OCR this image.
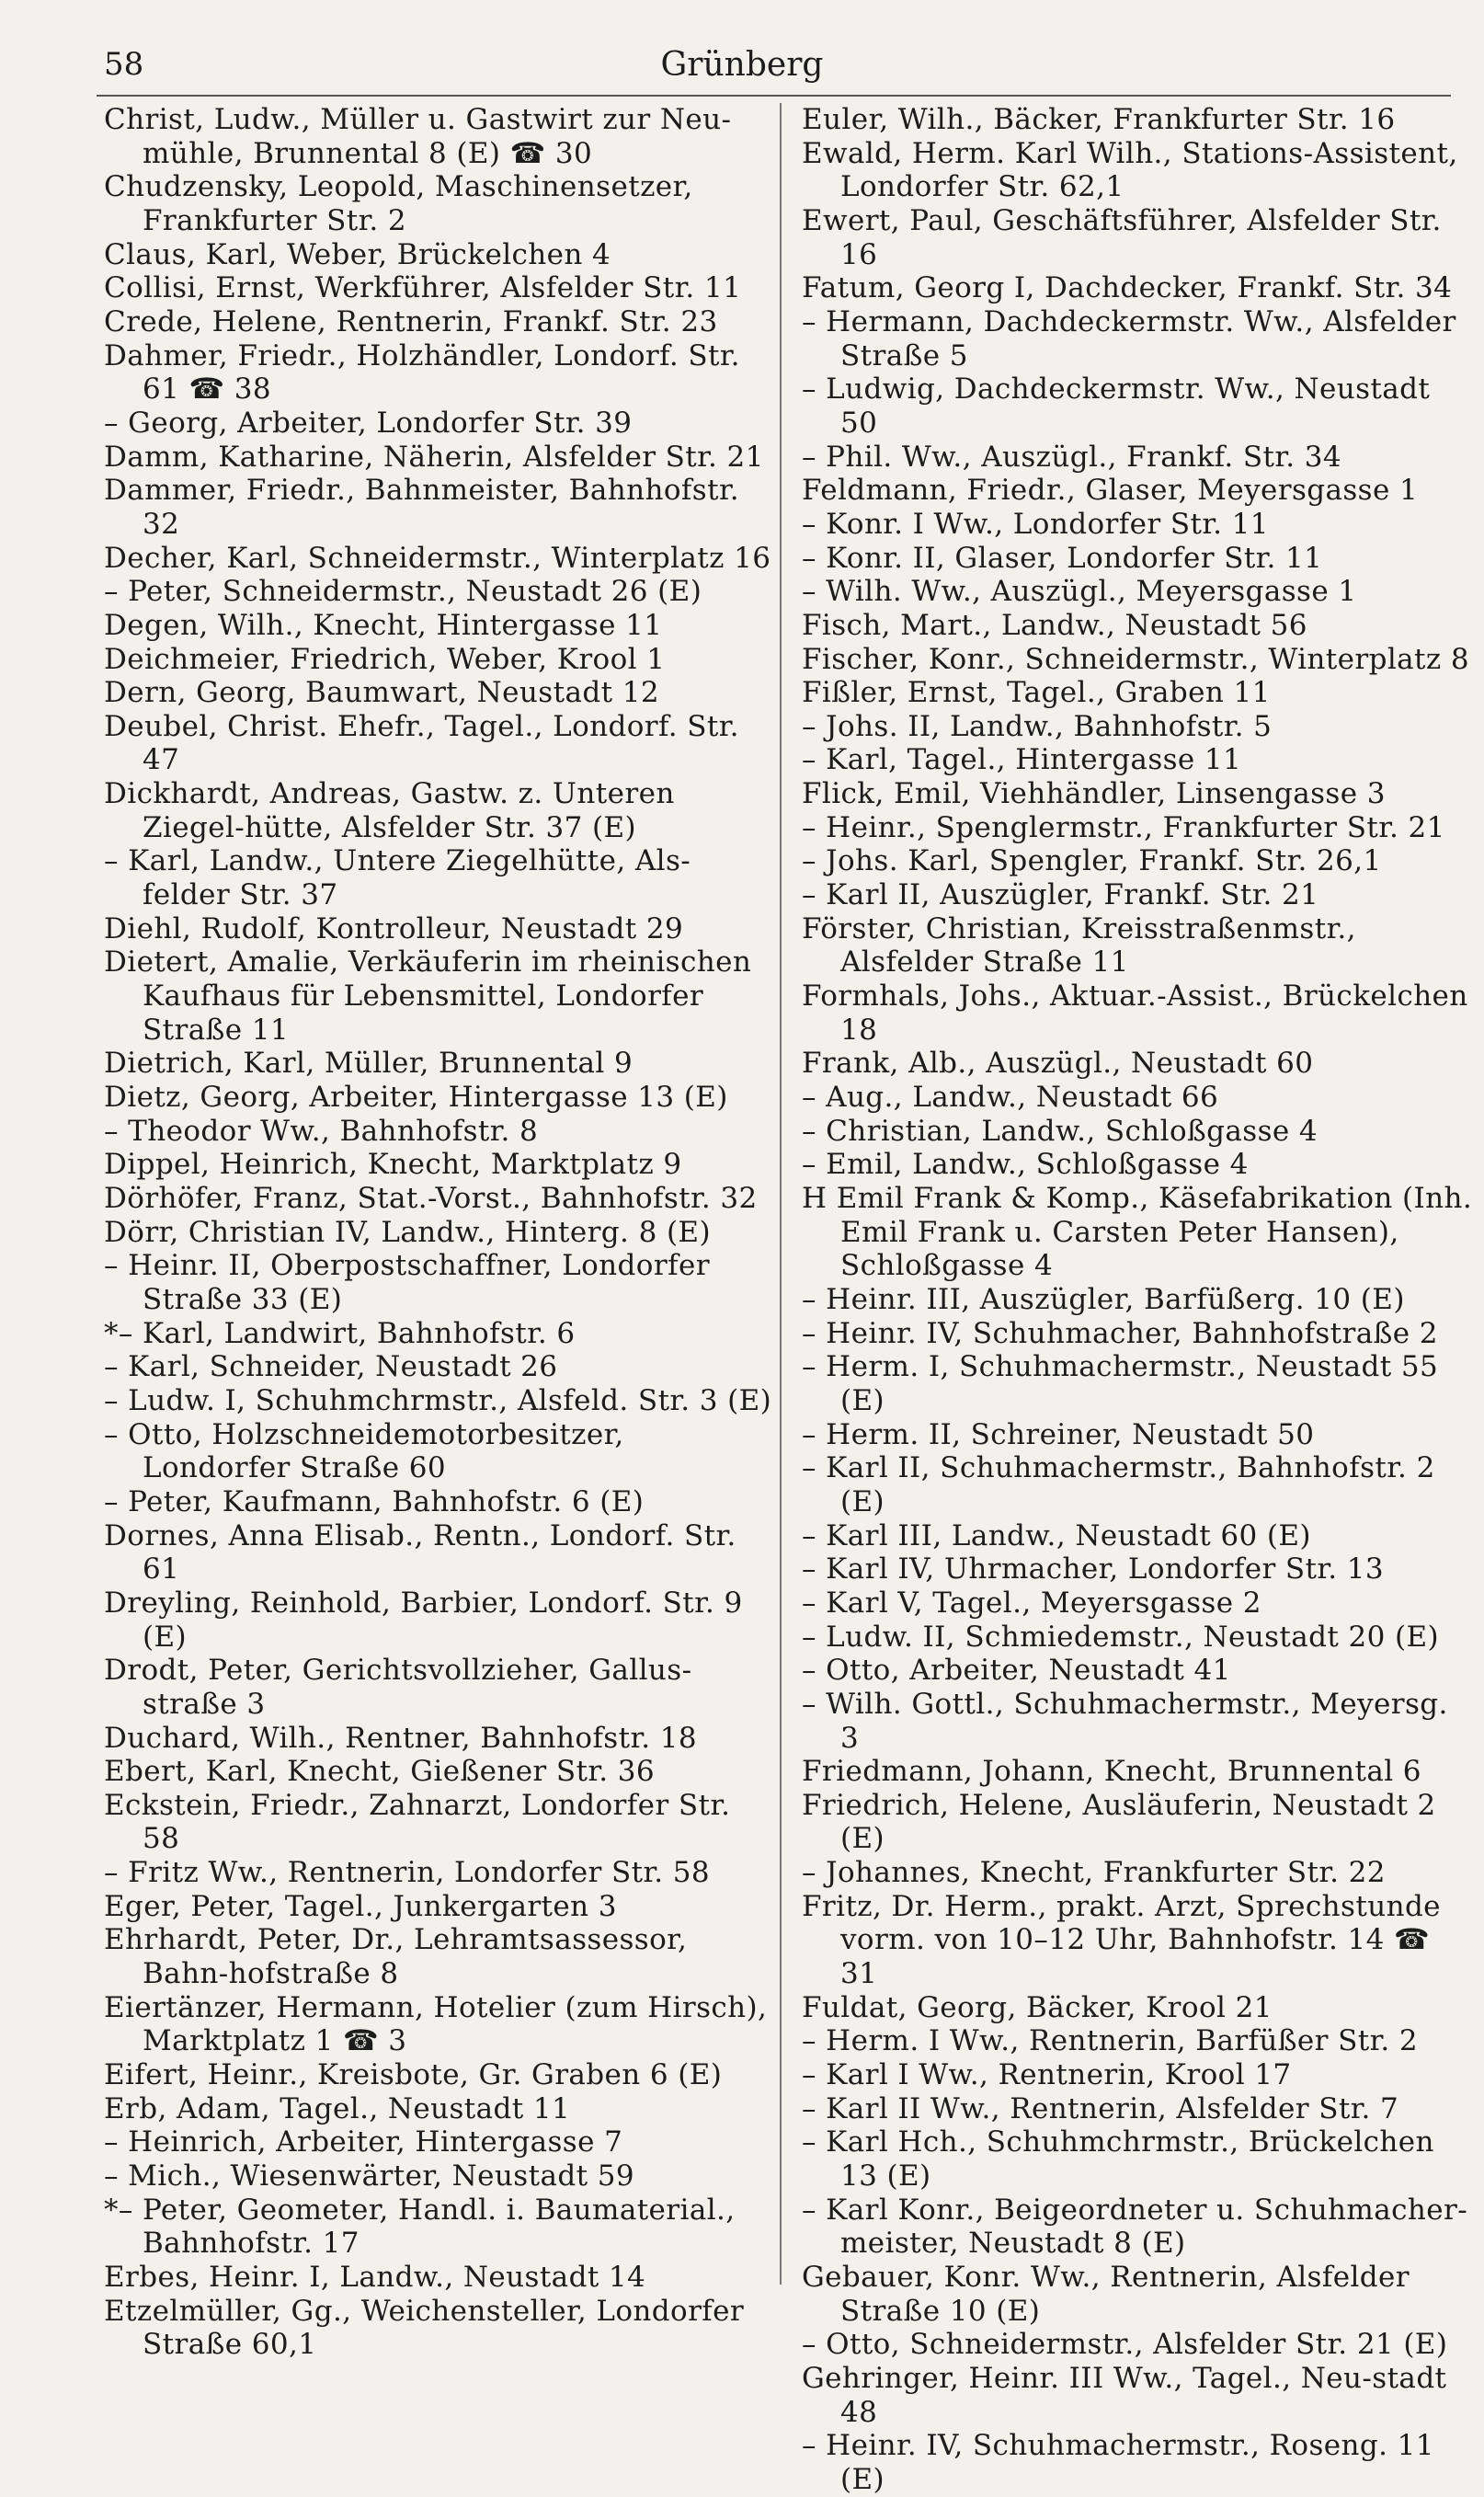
58	Grünberg

Christ, Ludw., Müller u. Gastwirt zur Neu-mühle, Brunnental 8 (E) ☎ 30

Chudzensky, Leopold, Maschinensetzer, Frankfurter Str. 2

Claus, Karl, Weber, Brückelchen 4

Collisi, Ernst, Werkführer, Alsfelder Str. 11

Crede, Helene, Rentnerin, Frankf. Str. 23

Dahmer, Friedr., Holzhändler, Londorf. Str. 61 ☎ 38

– Georg, Arbeiter, Londorfer Str. 39

Damm, Katharine, Näherin, Alsfelder Str. 21

Dammer, Friedr., Bahnmeister, Bahnhofstr. 32

Decher, Karl, Schneidermstr., Winterplatz 16

– Peter, Schneidermstr., Neustadt 26 (E)

Degen, Wilh., Knecht, Hintergasse 11

Deichmeier, Friedrich, Weber, Krool 1

Dern, Georg, Baumwart, Neustadt 12

Deubel, Christ. Ehefr., Tagel., Londorf. Str. 47

Dickhardt, Andreas, Gastw. z. Unteren Ziegel-hütte, Alsfelder Str. 37 (E)

– Karl, Landw., Untere Ziegelhütte, Als-felder Str. 37

Diehl, Rudolf, Kontrolleur, Neustadt 29

Dietert, Amalie, Verkäuferin im rheinischen Kaufhaus für Lebensmittel, Londorfer Straße 11

Dietrich, Karl, Müller, Brunnental 9

Dietz, Georg, Arbeiter, Hintergasse 13 (E)

– Theodor Ww., Bahnhofstr. 8

Dippel, Heinrich, Knecht, Marktplatz 9

Dörhöfer, Franz, Stat.-Vorst., Bahnhofstr. 32

Dörr, Christian IV, Landw., Hinterg. 8 (E)

– Heinr. II, Oberpostschaffner, Londorfer Straße 33 (E)

*– Karl, Landwirt, Bahnhofstr. 6

– Karl, Schneider, Neustadt 26

– Ludw. I, Schuhmchrmstr., Alsfeld. Str. 3 (E)

– Otto, Holzschneidemotorbesitzer, Londorfer Straße 60

– Peter, Kaufmann, Bahnhofstr. 6 (E)

Dornes, Anna Elisab., Rentn., Londorf. Str. 61

Dreyling, Reinhold, Barbier, Londorf. Str. 9 (E)

Drodt, Peter, Gerichtsvollzieher, Gallus-straße 3

Duchard, Wilh., Rentner, Bahnhofstr. 18

Ebert, Karl, Knecht, Gießener Str. 36

Eckstein, Friedr., Zahnarzt, Londorfer Str. 58

– Fritz Ww., Rentnerin, Londorfer Str. 58

Eger, Peter, Tagel., Junkergarten 3

Ehrhardt, Peter, Dr., Lehramtsassessor, Bahn-hofstraße 8

Eiertänzer, Hermann, Hotelier (zum Hirsch), Marktplatz 1 ☎ 3

Eifert, Heinr., Kreisbote, Gr. Graben 6 (E)

Erb, Adam, Tagel., Neustadt 11

– Heinrich, Arbeiter, Hintergasse 7

– Mich., Wiesenwärter, Neustadt 59

*– Peter, Geometer, Handl. i. Baumaterial., Bahnhofstr. 17

Erbes, Heinr. I, Landw., Neustadt 14

Etzelmüller, Gg., Weichensteller, Londorfer Straße 60,1

Euler, Wilh., Bäcker, Frankfurter Str. 16

Ewald, Herm. Karl Wilh., Stations-Assistent, Londorfer Str. 62,1

Ewert, Paul, Geschäftsführer, Alsfelder Str. 16

Fatum, Georg I, Dachdecker, Frankf. Str. 34

– Hermann, Dachdeckermstr. Ww., Alsfelder Straße 5

– Ludwig, Dachdeckermstr. Ww., Neustadt 50

– Phil. Ww., Auszügl., Frankf. Str. 34

Feldmann, Friedr., Glaser, Meyersgasse 1

– Konr. I Ww., Londorfer Str. 11

– Konr. II, Glaser, Londorfer Str. 11

– Wilh. Ww., Auszügl., Meyersgasse 1

Fisch, Mart., Landw., Neustadt 56

Fischer, Konr., Schneidermstr., Winterplatz 8

Fißler, Ernst, Tagel., Graben 11

– Johs. II, Landw., Bahnhofstr. 5

– Karl, Tagel., Hintergasse 11

Flick, Emil, Viehhändler, Linsengasse 3

– Heinr., Spenglermstr., Frankfurter Str. 21

– Johs. Karl, Spengler, Frankf. Str. 26,1

– Karl II, Auszügler, Frankf. Str. 21

Förster, Christian, Kreisstraßenmstr., Alsfelder Straße 11

Formhals, Johs., Aktuar.-Assist., Brückelchen 18

Frank, Alb., Auszügl., Neustadt 60

– Aug., Landw., Neustadt 66

– Christian, Landw., Schloßgasse 4

– Emil, Landw., Schloßgasse 4

H Emil Frank & Komp., Käsefabrikation (Inh. Emil Frank u. Carsten Peter Hansen), Schloßgasse 4

– Heinr. III, Auszügler, Barfüßerg. 10 (E)

– Heinr. IV, Schuhmacher, Bahnhofstraße 2

– Herm. I, Schuhmachermstr., Neustadt 55 (E)

– Herm. II, Schreiner, Neustadt 50

– Karl II, Schuhmachermstr., Bahnhofstr. 2 (E)

– Karl III, Landw., Neustadt 60 (E)

– Karl IV, Uhrmacher, Londorfer Str. 13

– Karl V, Tagel., Meyersgasse 2

– Ludw. II, Schmiedemstr., Neustadt 20 (E)

– Otto, Arbeiter, Neustadt 41

– Wilh. Gottl., Schuhmachermstr., Meyersg. 3

Friedmann, Johann, Knecht, Brunnental 6

Friedrich, Helene, Ausläuferin, Neustadt 2 (E)

– Johannes, Knecht, Frankfurter Str. 22

Fritz, Dr. Herm., prakt. Arzt, Sprechstunde vorm. von 10–12 Uhr, Bahnhofstr. 14 ☎ 31

Fuldat, Georg, Bäcker, Krool 21

– Herm. I Ww., Rentnerin, Barfüßer Str. 2

– Karl I Ww., Rentnerin, Krool 17

– Karl II Ww., Rentnerin, Alsfelder Str. 7

– Karl Hch., Schuhmchrmstr., Brückelchen 13 (E)

– Karl Konr., Beigeordneter u. Schuhmacher-meister, Neustadt 8 (E)

Gebauer, Konr. Ww., Rentnerin, Alsfelder Straße 10 (E)

– Otto, Schneidermstr., Alsfelder Str. 21 (E)

Gehringer, Heinr. III Ww., Tagel., Neu-stadt 48

– Heinr. IV, Schuhmachermstr., Roseng. 11 (E)
